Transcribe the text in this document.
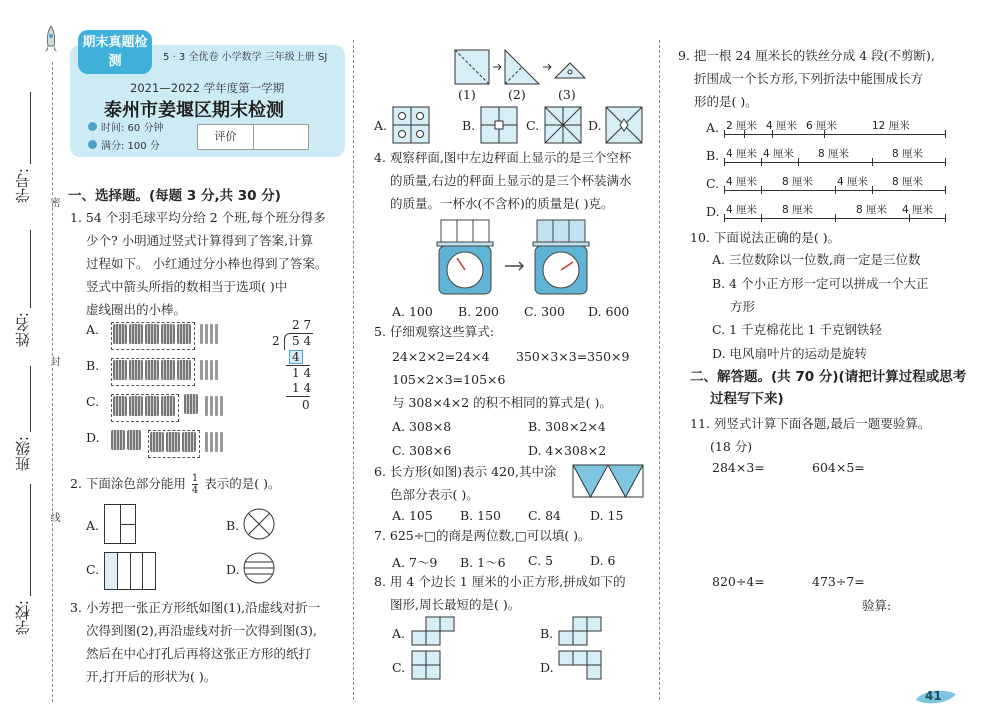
密
封
线
学号:
姓名:
班级:
学校:
期末真题检测	5 · 3 全优卷 小学数学 三年级上册 SJ
2021—2022 学年度第一学期
泰州市姜堰区期末检测
时间: 60 分钟
满分: 100 分
评价
一、选择题。(每题 3 分,共 30 分)
1. 54 个羽毛球平均分给 2 个班,每个班分得多
少个? 小明通过竖式计算得到了答案,计算
过程如下。 小红通过分小棒也得到了答案。
竖式中箭头所指的数相当于选项( )中
虚线圈出的小棒。
A.
B.
C.
D.
2 7
2 5 4
4
1 4
1 4
0
2. 下面涂色部分能用 $\frac{1}{4}$ 表示的是( )。
A.	B.
C.	D.
3. 小芳把一张正方形纸如图(1),沿虚线对折一
次得到图(2),再沿虚线对折一次得到图(3),
然后在中心打孔后再将这张正方形的纸打
开,打开后的形状为( )。
(1)	(2)	(3)
A.	B.	C.	D.
4. 观察秤面,图中左边秤面上显示的是三个空杯
的质量,右边的秤面上显示的是三个杯装满水
的质量。一杯水(不含杯)的质量是( )克。
A. 100 B. 200 C. 300 D. 600
5. 仔细观察这些算式:
24×2×2=24×4 350×3×3=350×9
105×2×3=105×6
与 308×4×2 的积不相同的算式是( )。
A. 308×8	B. 308×2×4
C. 308×6	D. 4×308×2
6. 长方形(如图)表示 420,其中涂
色部分表示( )。
A. 105 B. 150 C. 84 D. 15
7. 625÷□的商是两位数,□可以填( )。
A. 7～9 B. 1～6 C. 5	D. 6
8. 用 4 个边长 1 厘米的小正方形,拼成如下的
图形,周长最短的是( )。
A.	B.
C.	D.
9. 把一根 24 厘米长的铁丝分成 4 段(不剪断),
折围成一个长方形,下列折法中能围成长方
形的是( )。
A. 2 厘米 4 厘米 6 厘米	12 厘米
B. 4 厘米 4 厘米 8 厘米	8 厘米
C. 4 厘米 8 厘米 4 厘米 8 厘米
D. 4 厘米 8 厘米	8 厘米 4 厘米
10. 下面说法正确的是( )。
A. 三位数除以一位数,商一定是三位数
B. 4 个小正方形一定可以拼成一个大正
方形
C. 1 千克棉花比 1 千克钢铁轻
D. 电风扇叶片的运动是旋转
二、解答题。(共 70 分)(请把计算过程或思考
过程写下来)
11. 列竖式计算下面各题,最后一题要验算。
(18 分)
284×3=	604×5=
820÷4=	473÷7=
验算:
41
